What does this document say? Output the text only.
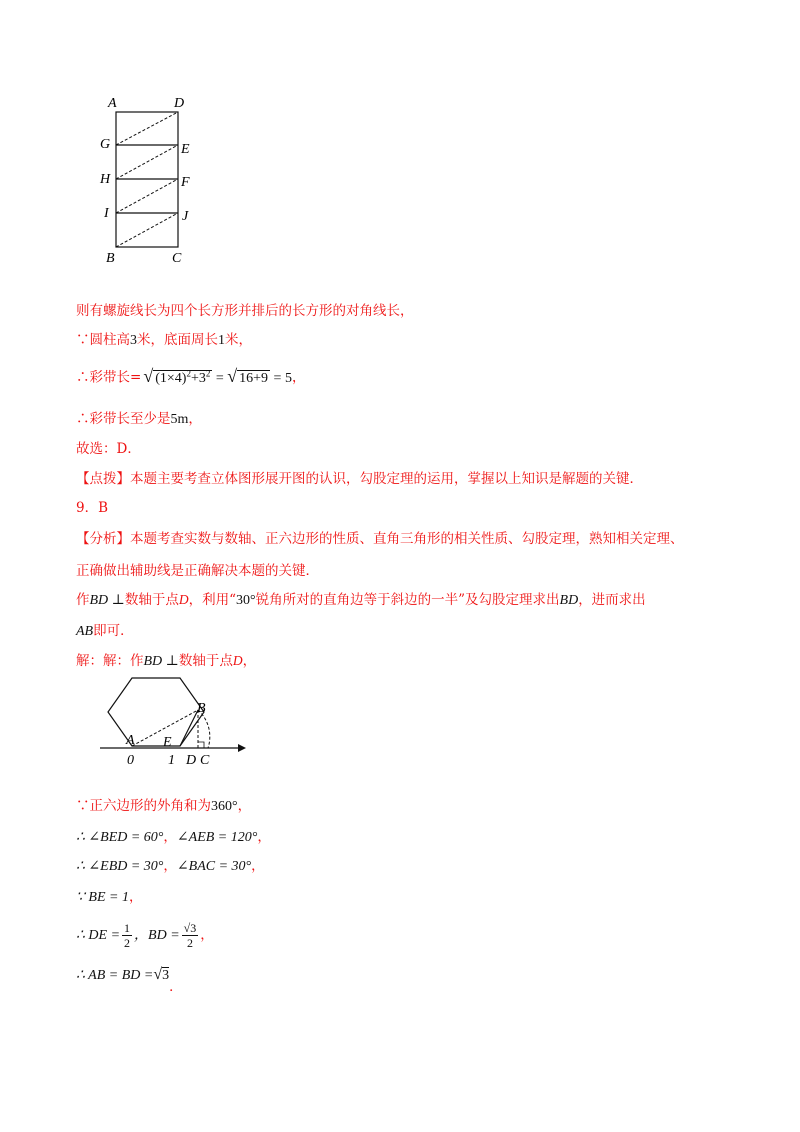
A	D
G	E
H	F
I	J
B	C
则有螺旋线长为四个长方形并排后的长方形的对角线长，
∵圆柱高3米，底面周长1米，
∴彩带长= √ $(1\times 4)^2+3^2$ = √ 16+9 = 5，
∴彩带长至少是5m，
故选：D．
【点拨】本题主要考查立体图形展开图的认识，勾股定理的运用，掌握以上知识是解题的关键．
9．B
【分析】本题考查实数与数轴、正六边形的性质、直角三角形的相关性质、勾股定理，熟知相关定理、
正确做出辅助线是正确解决本题的关键．
作BD ⊥数轴于点D，利用“30°锐角所对的直角边等于斜边的一半”及勾股定理求出BD，进而求出
AB即可．
解：解：作BD ⊥数轴于点D，
B
A E
0 1 D C
∵正六边形的外角和为360°，
∴ ∠BED = 60°，∠AEB = 120°，
∴ ∠EBD = 30°，∠BAC = 30°，
∵ BE = 1，
∴ DE = $\frac{1}{2}$ ，BD = $\frac{√3}{2}$ ，
∴ AB = BD =√3．
